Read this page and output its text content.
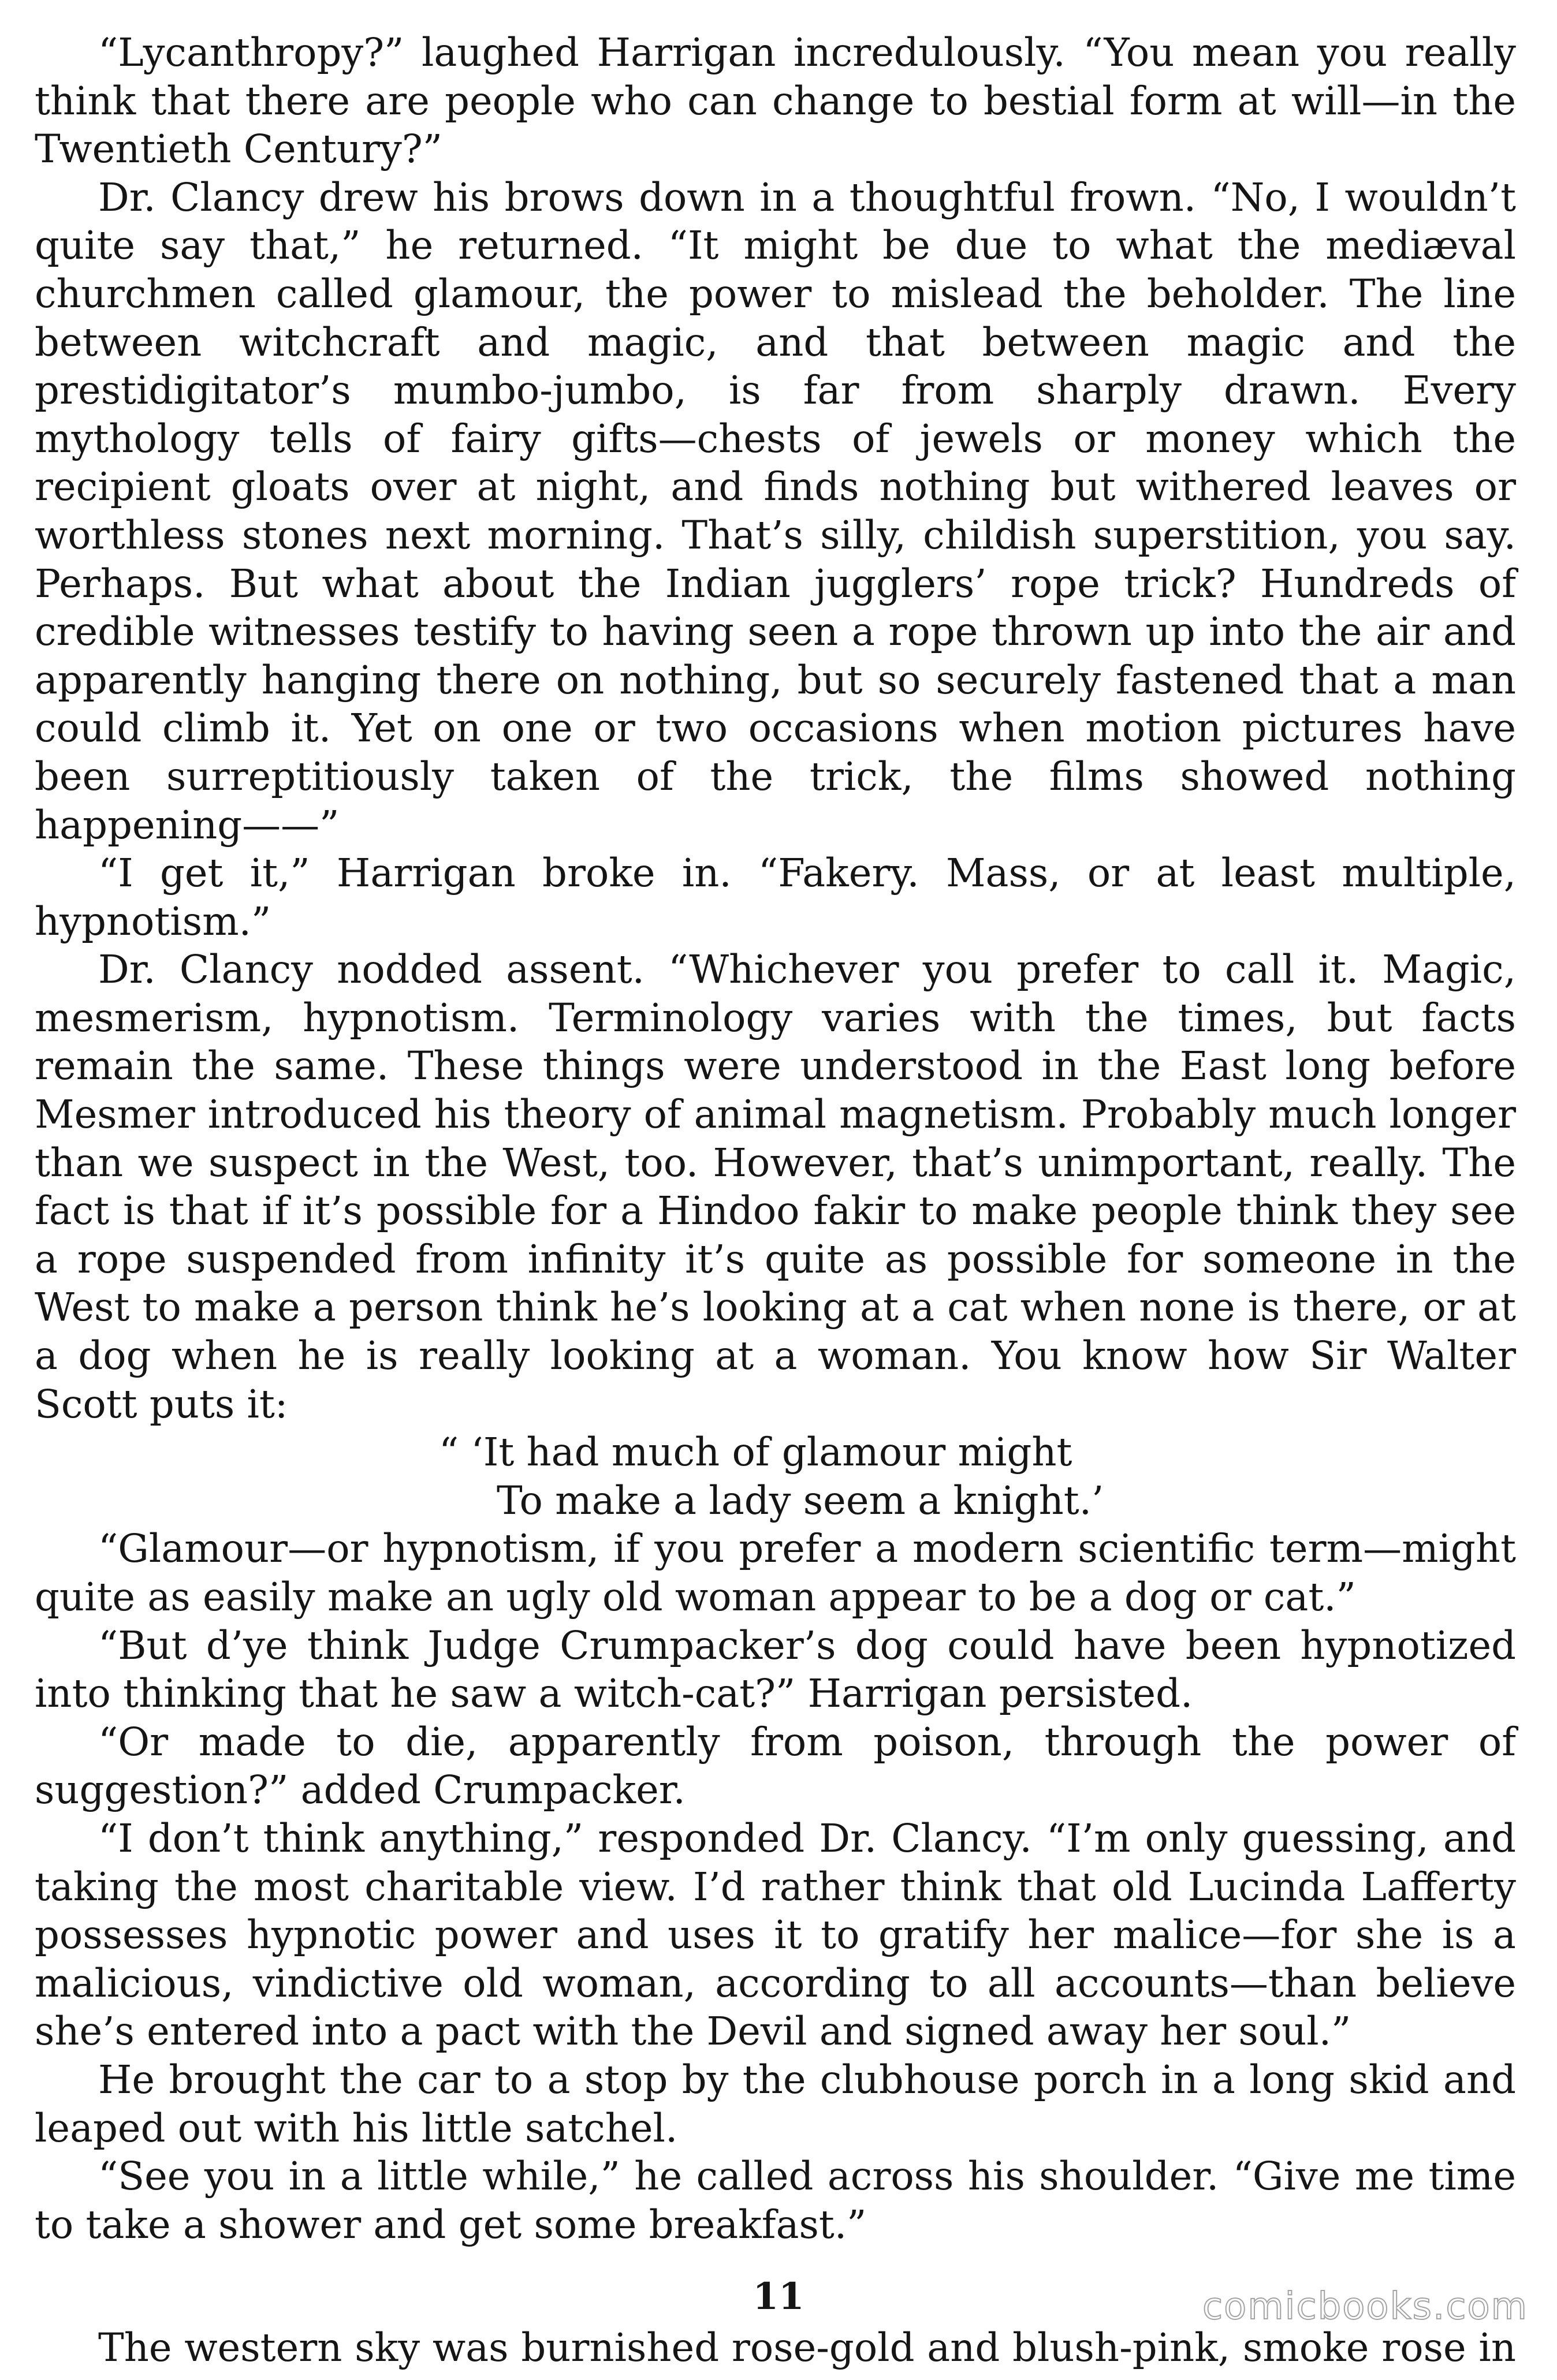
“Lycanthropy?” laughed Harrigan incredulously. “You mean you really think that there are people who can change to bestial form at will—in the Twentieth Century?”

Dr. Clancy drew his brows down in a thoughtful frown. “No, I wouldn’t quite say that,” he returned. “It might be due to what the mediæval churchmen called glamour, the power to mislead the beholder. The line between witchcraft and magic, and that between magic and the prestidigitator’s mumbo-jumbo, is far from sharply drawn. Every mythology tells of fairy gifts—chests of jewels or money which the recipient gloats over at night, and finds nothing but withered leaves or worthless stones next morning. That’s silly, childish superstition, you say. Perhaps. But what about the Indian jugglers’ rope trick? Hundreds of credible witnesses testify to having seen a rope thrown up into the air and apparently hanging there on nothing, but so securely fastened that a man could climb it. Yet on one or two occasions when motion pictures have been surreptitiously taken of the trick, the films showed nothing happening——”

“I get it,” Harrigan broke in. “Fakery. Mass, or at least multiple, hypnotism.”

Dr. Clancy nodded assent. “Whichever you prefer to call it. Magic, mesmerism, hypnotism. Terminology varies with the times, but facts remain the same. These things were understood in the East long before Mesmer introduced his theory of animal magnetism. Probably much longer than we suspect in the West, too. However, that’s unimportant, really. The fact is that if it’s possible for a Hindoo fakir to make people think they see a rope suspended from infinity it’s quite as possible for someone in the West to make a person think he’s looking at a cat when none is there, or at a dog when he is really looking at a woman. You know how Sir Walter Scott puts it:

“ ‘It had much of glamour might
To make a lady seem a knight.’

“Glamour—or hypnotism, if you prefer a modern scientific term—might quite as easily make an ugly old woman appear to be a dog or cat.”

“But d’ye think Judge Crumpacker’s dog could have been hypnotized into thinking that he saw a witch-cat?” Harrigan persisted.

“Or made to die, apparently from poison, through the power of suggestion?” added Crumpacker.

“I don’t think anything,” responded Dr. Clancy. “I’m only guessing, and taking the most charitable view. I’d rather think that old Lucinda Lafferty possesses hypnotic power and uses it to gratify her malice—for she is a malicious, vindictive old woman, according to all accounts—than believe she’s entered into a pact with the Devil and signed away her soul.”

He brought the car to a stop by the clubhouse porch in a long skid and leaped out with his little satchel.

“See you in a little while,” he called across his shoulder. “Give me time to take a shower and get some breakfast.”

The western sky was burnished rose-gold and blush-pink, smoke rose in

11	comicbooks.com
